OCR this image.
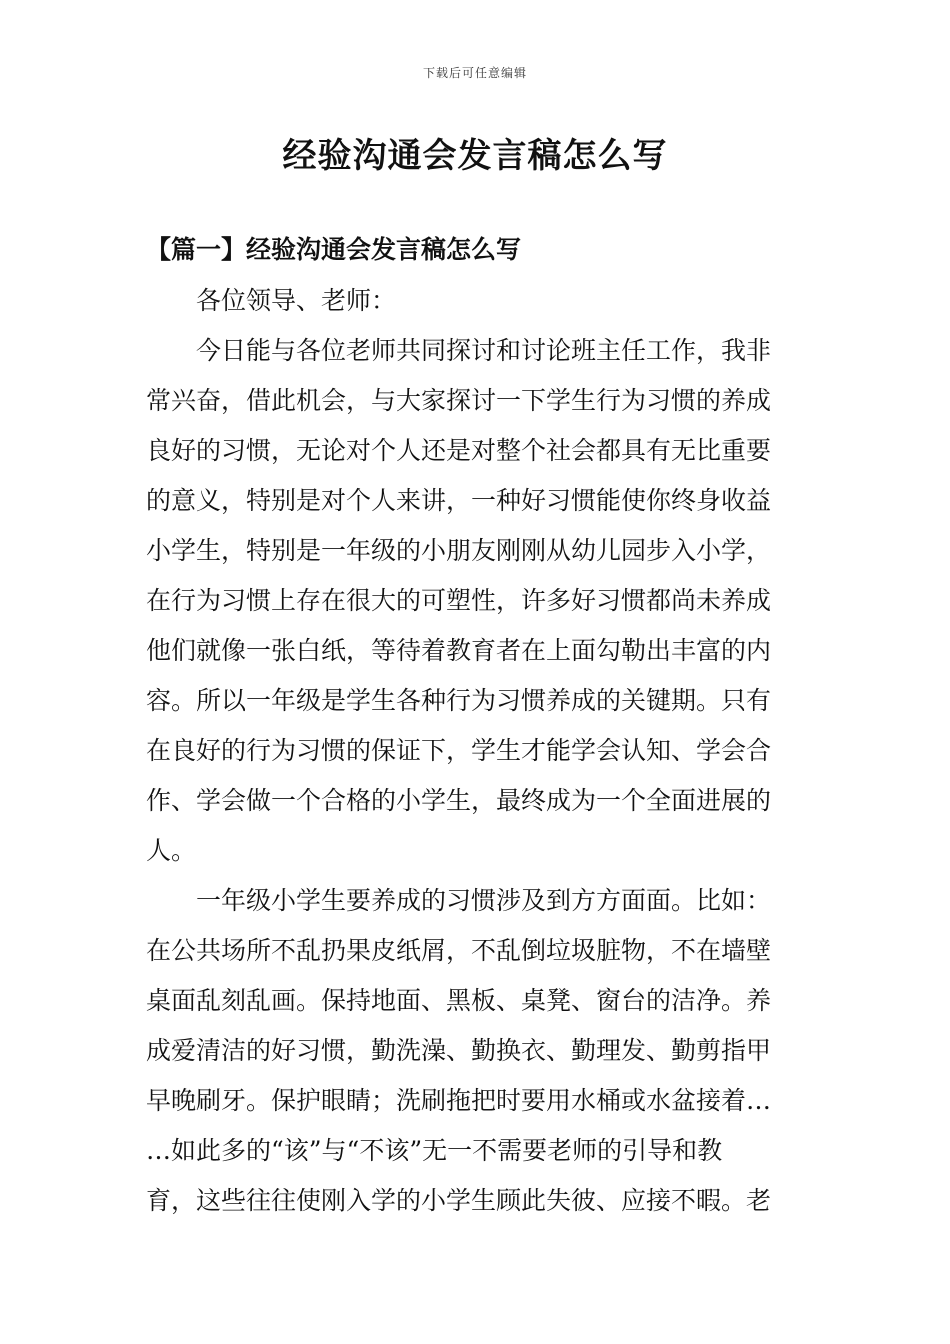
下载后可任意编辑
经验沟通会发言稿怎么写
【篇一】经验沟通会发言稿怎么写
各位领导、老师：
今日能与各位老师共同探讨和讨论班主任工作，我非
常兴奋，借此机会，与大家探讨一下学生行为习惯的养成
良好的习惯，无论对个人还是对整个社会都具有无比重要
的意义，特别是对个人来讲，一种好习惯能使你终身收益
小学生，特别是一年级的小朋友刚刚从幼儿园步入小学，
在行为习惯上存在很大的可塑性，许多好习惯都尚未养成
他们就像一张白纸，等待着教育者在上面勾勒出丰富的内
容。所以一年级是学生各种行为习惯养成的关键期。只有
在良好的行为习惯的保证下，学生才能学会认知、学会合
作、学会做一个合格的小学生，最终成为一个全面进展的
人。
一年级小学生要养成的习惯涉及到方方面面。比如：
在公共场所不乱扔果皮纸屑，不乱倒垃圾脏物，不在墙壁
桌面乱刻乱画。保持地面、黑板、桌凳、窗台的洁净。养
成爱清洁的好习惯，勤洗澡、勤换衣、勤理发、勤剪指甲
早晚刷牙。保护眼睛；洗刷拖把时要用水桶或水盆接着…
…如此多的“该”与“不该”无一不需要老师的引导和教
育，这些往往使刚入学的小学生顾此失彼、应接不暇。老
